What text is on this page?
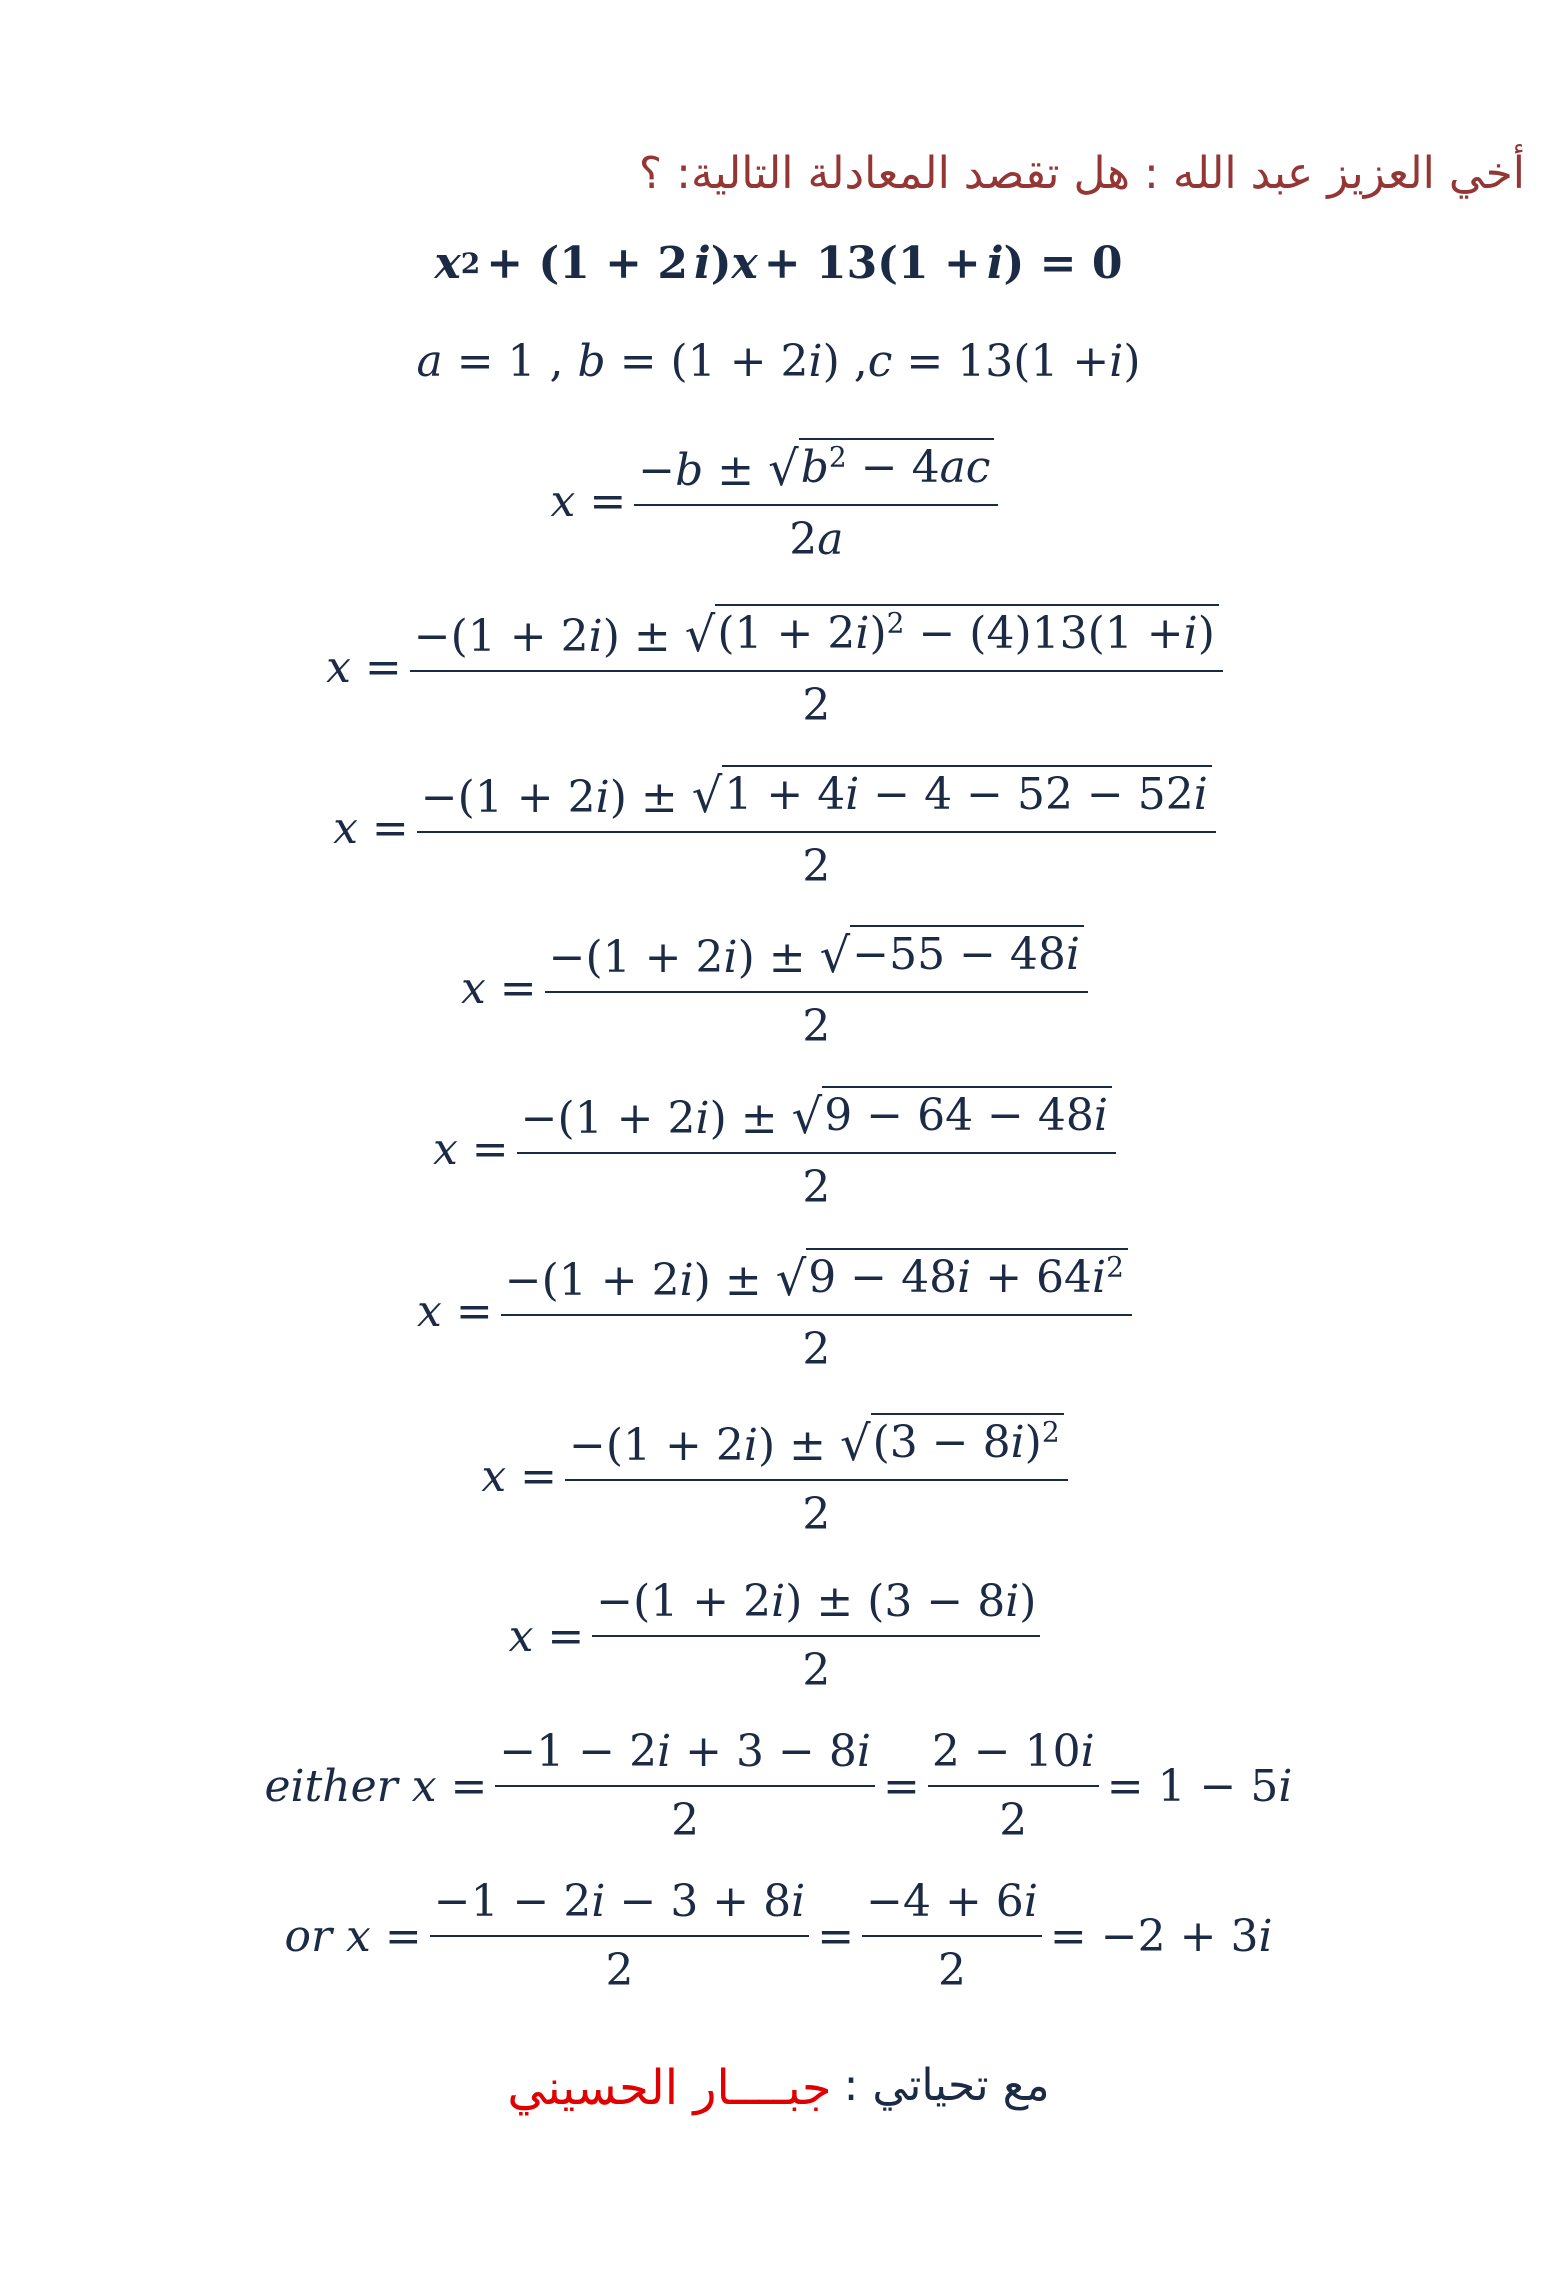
أخي العزيز عبد الله : هل تقصد المعادلة التالية: ؟
x 2 + (1 + 2 i ) x + 13(1 + i ) = 0
a
= 1 ,
b
= (1 + 2 i ) , c
= 13(1 + i )
$x = \frac{-b \pm √ b^2 - 4ac}{2a}$
$x = \frac{-(1 + 2i) \pm √ (1 + 2i)^2 - (4)13(1 +i)}{2}$
$x = \frac{-(1 + 2i) \pm √ 1 + 4i - 4 - 52 - 52i}{2}$
$x = \frac{-(1 + 2i) \pm √ -55 - 48i}{2}$
$x = \frac{-(1 + 2i) \pm √ 9 - 64 - 48i}{2}$
$x = \frac{-(1 + 2i) \pm √ 9 - 48i + 64i^2}{2}$
$x = \frac{-(1 + 2i) \pm √ (3 - 8i)^2}{2}$
$x = \frac{-(1 + 2i) \pm (3 - 8i)}{2}$
either
x
= $\frac{-1 - 2i + 3 - 8i}{2} = \frac{2 - 10i}{2} = 1 - 5$ i
or
x
= $\frac{-1 - 2i - 3 + 8i}{2} = \frac{-4 + 6i}{2} = -2 + 3$ i
مع تحياتي :
جبــــار الحسيني
